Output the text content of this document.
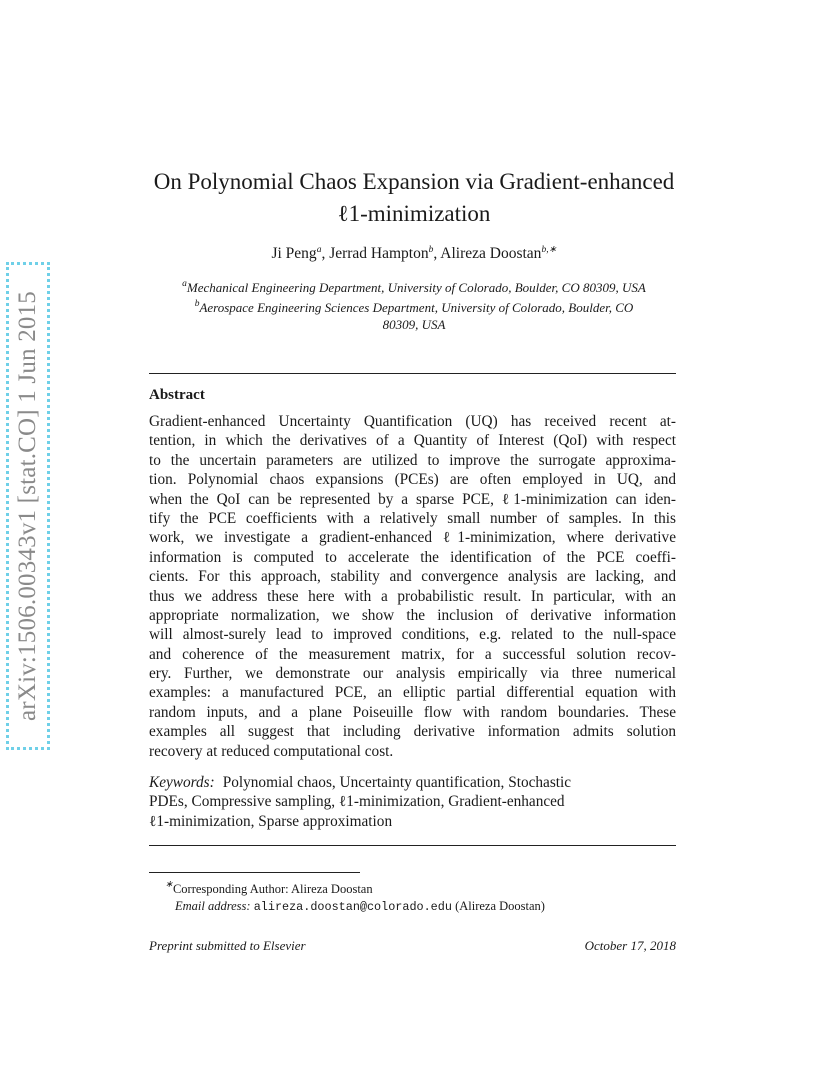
arXiv:1506.00343v1 [stat.CO] 1 Jun 2015
On Polynomial Chaos Expansion via Gradient-enhanced
ℓ1-minimization
Ji Peng$^a$, Jerrad Hampton$^b$, Alireza Doostan$^{b,∗}$
$^a$Mechanical Engineering Department, University of Colorado, Boulder, CO 80309, USA
$^b$Aerospace Engineering Sciences Department, University of Colorado, Boulder, CO
80309, USA
Abstract
Gradient-enhanced Uncertainty Quantification (UQ) has received recent at-
tention, in which the derivatives of a Quantity of Interest (QoI) with respect
to the uncertain parameters are utilized to improve the surrogate approxima-
tion. Polynomial chaos expansions (PCEs) are often employed in UQ, and
when the QoI can be represented by a sparse PCE, ℓ1-minimization can iden-
tify the PCE coefficients with a relatively small number of samples. In this
work, we investigate a gradient-enhanced ℓ1-minimization, where derivative
information is computed to accelerate the identification of the PCE coeffi-
cients. For this approach, stability and convergence analysis are lacking, and
thus we address these here with a probabilistic result. In particular, with an
appropriate normalization, we show the inclusion of derivative information
will almost-surely lead to improved conditions, e.g. related to the null-space
and coherence of the measurement matrix, for a successful solution recov-
ery. Further, we demonstrate our analysis empirically via three numerical
examples: a manufactured PCE, an elliptic partial differential equation with
random inputs, and a plane Poiseuille flow with random boundaries. These
examples all suggest that including derivative information admits solution
recovery at reduced computational cost.
Keywords: Polynomial chaos, Uncertainty quantification, Stochastic
PDEs, Compressive sampling, ℓ1-minimization, Gradient-enhanced
ℓ1-minimization, Sparse approximation
∗Corresponding Author: Alireza Doostan
Email address: alireza.doostan@colorado.edu (Alireza Doostan)
Preprint submitted to Elsevier	October 17, 2018
